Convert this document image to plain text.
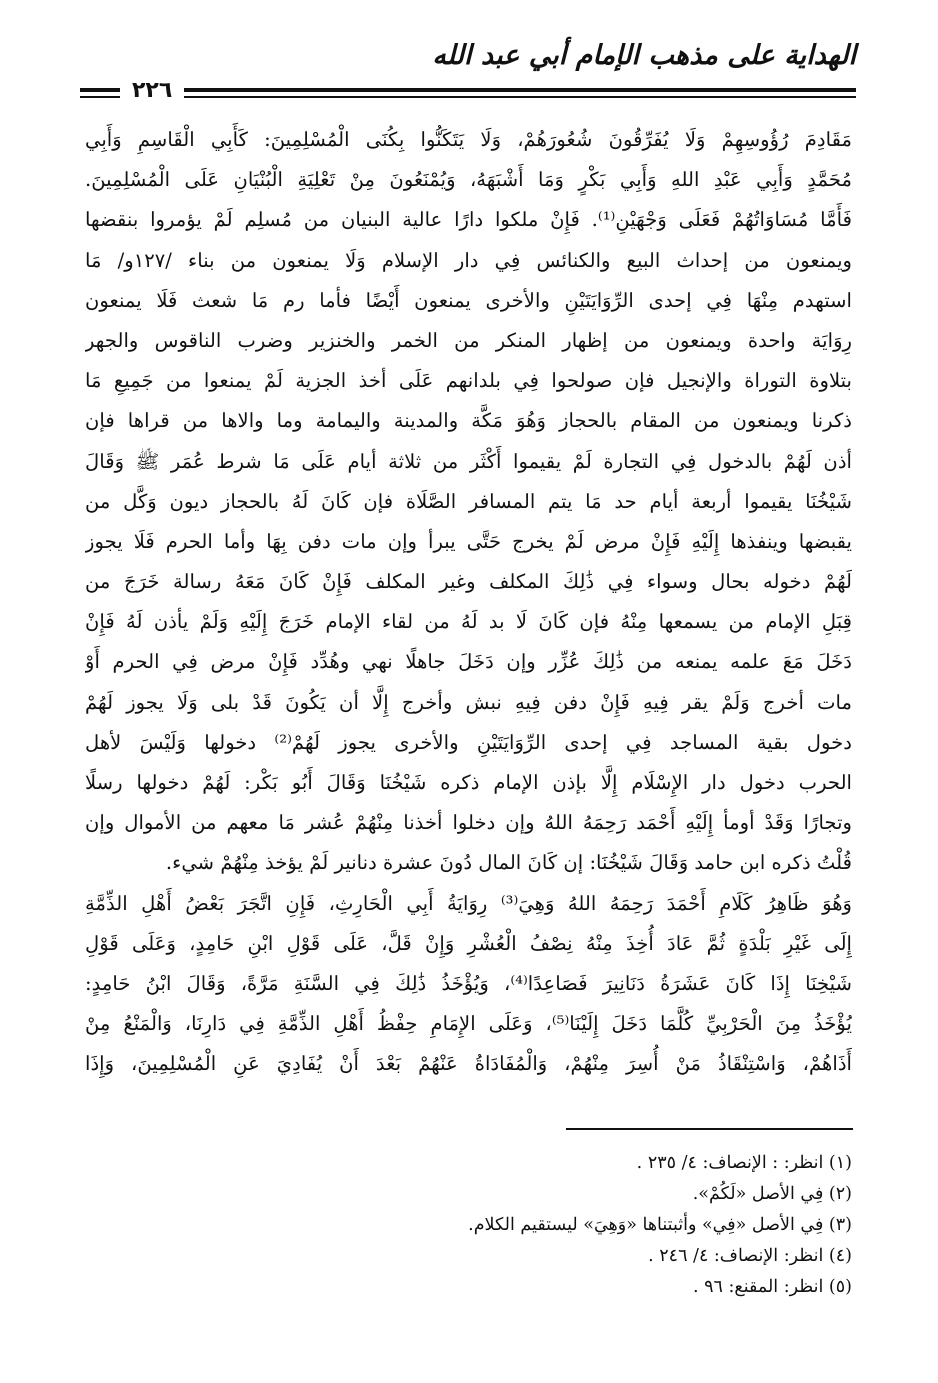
الهداية على مذهب الإمام أبي عبد الله
٢٢٦
مَقَادِمَ رُؤُوسِهِمْ وَلَا يُفَرِّقُونَ شُعُورَهُمْ، وَلَا يَتَكَنُّوا بِكُنَى الْمُسْلِمِينَ: كَأَبِي الْقَاسِمِ وَأَبِي
مُحَمَّدٍ وَأَبِي عَبْدِ اللهِ وَأَبِي بَكْرٍ وَمَا أَشْبَهَهُ، وَيُمْنَعُونَ مِنْ تَعْلِيَةِ الْبُنْيَانِ عَلَى الْمُسْلِمِينَ.
فَأَمَّا مُسَاوَاتُهُمْ فَعَلَى وَجْهَيْنِ⁽¹⁾. فَإِنْ ملكوا دارًا عالية البنيان من مُسلِم لَمْ يؤمروا بنقضها
ويمنعون من إحداث البيع والكنائس فِي دار الإسلام وَلَا يمنعون من بناء /١٢٧و/ مَا
استهدم مِنْهَا فِي إحدى الرِّوَايَتَيْنِ والأخرى يمنعون أَيْضًا فأما رم مَا شعث فَلَا يمنعون
رِوَايَة واحدة ويمنعون من إظهار المنكر من الخمر والخنزير وضرب الناقوس والجهر
بتلاوة التوراة والإنجيل فإن صولحوا فِي بلدانهم عَلَى أخذ الجزية لَمْ يمنعوا من جَمِيعِ مَا
ذكرنا ويمنعون من المقام بالحجاز وَهُوَ مَكَّة والمدينة واليمامة وما والاها من قراها فإن
أذن لَهُمْ بالدخول فِي التجارة لَمْ يقيموا أَكْثَر من ثلاثة أيام عَلَى مَا شرط عُمَر ﷺ وَقَالَ
شَيْخُنَا يقيموا أربعة أيام حد مَا يتم المسافر الصَّلَاة فإن كَانَ لَهُ بالحجاز ديون وَكَّل من
يقبضها وينفذها إِلَيْهِ فَإِنْ مرض لَمْ يخرج حَتَّى يبرأ وإن مات دفن بِهَا وأما الحرم فَلَا يجوز
لَهُمْ دخوله بحال وسواء فِي ذَٰلِكَ المكلف وغير المكلف فَإِنْ كَانَ مَعَهُ رسالة خَرَجَ من
قِبَلِ الإمام من يسمعها مِنْهُ فإن كَانَ لَا بد لَهُ من لقاء الإمام خَرَجَ إِلَيْهِ وَلَمْ يأذن لَهُ فَإِنْ
دَخَلَ مَعَ علمه يمنعه من ذَٰلِكَ عُزِّر وإن دَخَلَ جاهلًا نهي وهُدِّد فَإِنْ مرض فِي الحرم أَوْ
مات أخرج وَلَمْ يقر فِيهِ فَإِنْ دفن فِيهِ نبش وأخرج إِلَّا أن يَكُونَ قَدْ بلى وَلَا يجوز لَهُمْ
دخول بقية المساجد فِي إحدى الرِّوَايَتَيْنِ والأخرى يجوز لَهُمْ⁽²⁾ دخولها وَلَيْسَ لأهل
الحرب دخول دار الإِسْلَام إِلَّا بإذن الإمام ذكره شَيْخُنَا وَقَالَ أَبُو بَكْر: لَهُمْ دخولها رسلًا
وتجارًا وَقَدْ أومأ إِلَيْهِ أَحْمَد رَحِمَهُ اللهُ وإن دخلوا أخذنا مِنْهُمْ عُشر مَا معهم من الأموال وإن
قُلْتُ ذكره ابن حامد وَقَالَ شَيْخُنَا: إن كَانَ المال دُونَ عشرة دنانير لَمْ يؤخذ مِنْهُمْ شيء.
وَهُوَ ظَاهِرُ كَلَامِ أَحْمَدَ رَحِمَهُ اللهُ وَهِيَ⁽³⁾ رِوَايَةُ أَبِي الْحَارِثِ، فَإِنِ اتَّجَرَ بَعْضُ أَهْلِ الذِّمَّةِ
إِلَى غَيْرِ بَلْدَةٍ ثُمَّ عَادَ أُخِذَ مِنْهُ نِصْفُ الْعُشْرِ وَإِنْ قَلَّ، عَلَى قَوْلِ ابْنِ حَامِدٍ، وَعَلَى قَوْلِ
شَيْخِنَا إِذَا كَانَ عَشَرَةُ دَنَانِيرَ فَصَاعِدًا⁽⁴⁾، وَيُؤْخَذُ ذَٰلِكَ فِي السَّنَةِ مَرَّةً، وَقَالَ ابْنُ حَامِدٍ:
يُؤْخَذُ مِنَ الْحَرْبِيِّ كُلَّمَا دَخَلَ إِلَيْنَا⁽⁵⁾، وَعَلَى الإِمَامِ حِفْظُ أَهْلِ الذِّمَّةِ فِي دَارِنَا، وَالْمَنْعُ مِنْ
أَذَاهُمْ، وَاسْتِنْقَاذُ مَنْ أُسِرَ مِنْهُمْ، وَالْمُفَادَاةُ عَنْهُمْ بَعْدَ أَنْ يُفَادِيَ عَنِ الْمُسْلِمِينَ، وَإِذَا
(١) انظر: : الإنصاف: ٤/ ٢٣٥ .
(٢) فِي الأصل «لَكُمْ».
(٣) فِي الأصل «فِي» وأثبتناها «وَهِيَ» ليستقيم الكلام.
(٤) انظر: الإنصاف: ٤/ ٢٤٦ .
(٥) انظر: المقنع: ٩٦ .
